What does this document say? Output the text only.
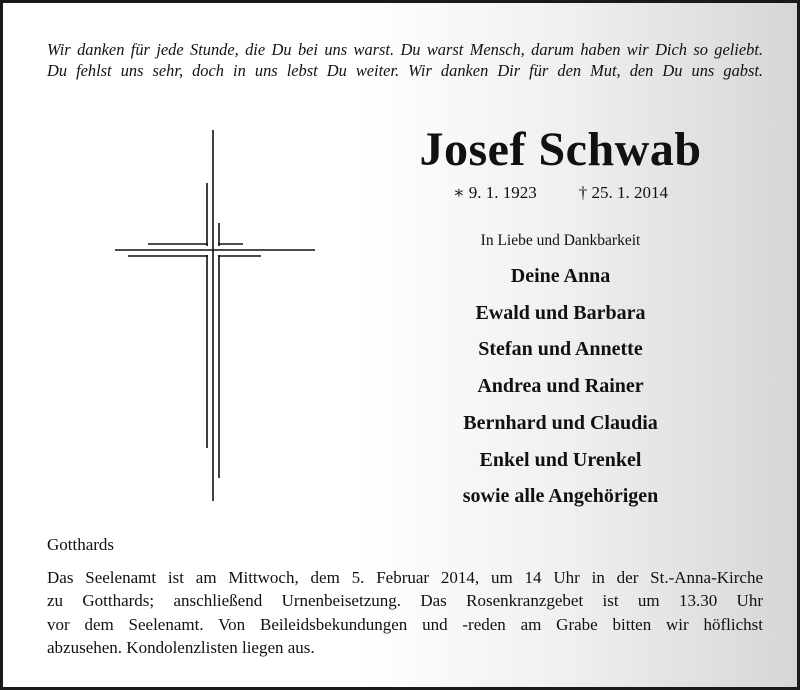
Wir danken für jede Stunde, die Du bei uns warst. Du warst Mensch, darum haben wir Dich so geliebt.
Du fehlst uns sehr, doch in uns lebst Du weiter. Wir danken Dir für den Mut, den Du uns gabst.
Josef Schwab
∗ 9. 1. 1923 † 25. 1. 2014
In Liebe und Dankbarkeit
Deine Anna
Ewald und Barbara
Stefan und Annette
Andrea und Rainer
Bernhard und Claudia
Enkel und Urenkel
sowie alle Angehörigen
Gotthards
Das Seelenamt ist am Mittwoch, dem 5. Februar 2014, um 14 Uhr in der St.-Anna-Kirche
zu Gotthards; anschließend Urnenbeisetzung. Das Rosenkranzgebet ist um 13.30 Uhr
vor dem Seelenamt. Von Beileidsbekundungen und -reden am Grabe bitten wir höflichst
abzusehen. Kondolenzlisten liegen aus.
